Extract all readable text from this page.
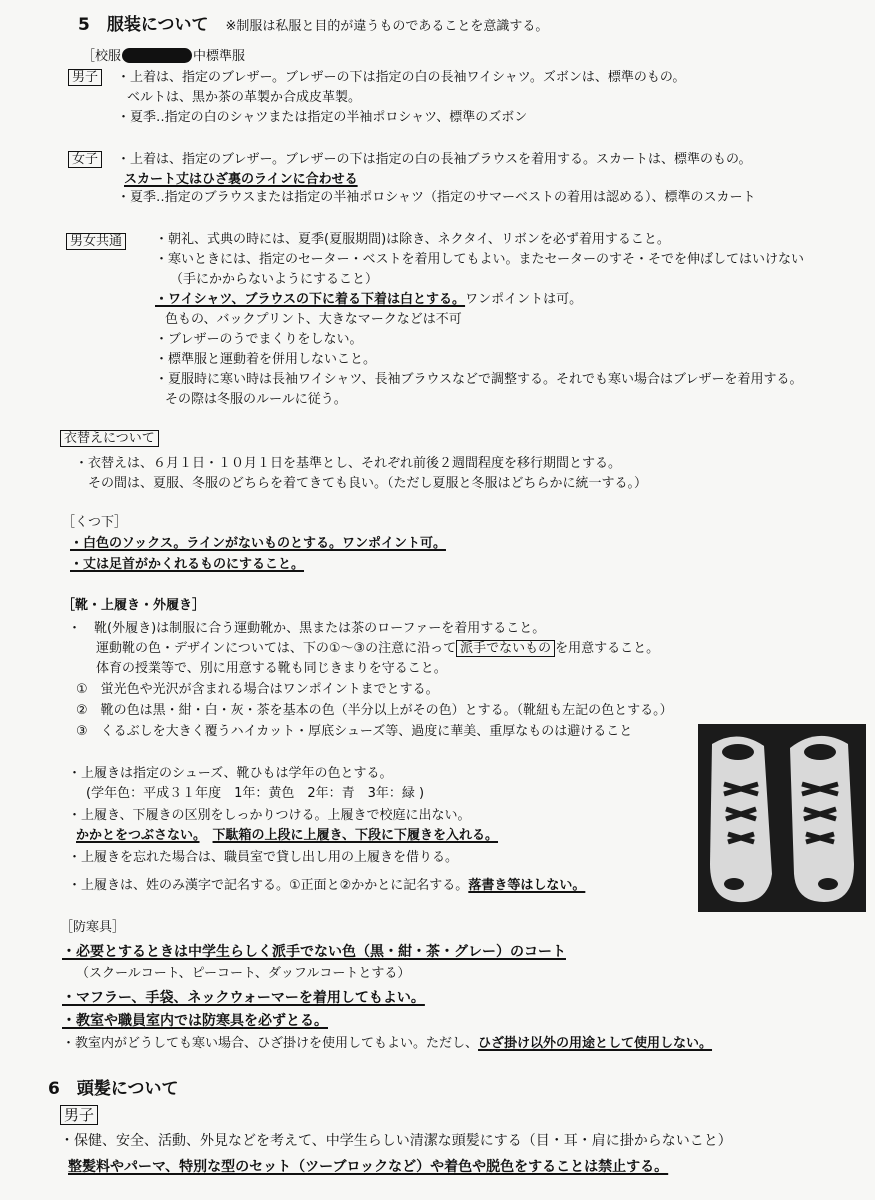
5　 服装について　 ※制服は私服と目的が違うものであることを意識する。
［校服	中標準服
男子	・上着は、指定のブレザー。ブレザーの下は指定の白の長袖ワイシャツ。ズボンは、標準のもの。
ベルトは、黒か茶の革製か合成皮革製。
・夏季‥指定の白のシャツまたは指定の半袖ポロシャツ、標準のズボン
女子	・上着は、指定のブレザー。ブレザーの下は指定の白の長袖ブラウスを着用する。スカートは、標準のもの。
スカート丈はひざ裏のラインに合わせる
・夏季‥指定のブラウスまたは指定の半袖ポロシャツ（指定のサマーベストの着用は認める）、標準のスカート
男女共通	・朝礼、式典の時には、夏季(夏服期間)は除き、ネクタイ、リボンを必ず着用すること。
・寒いときには、指定のセーター・ベストを着用してもよい。またセーターのすそ・そでを伸ばしてはいけない
（手にかからないようにすること）
・ワイシャツ、ブラウスの下に着る下着は白とする。ワンポイントは可。
色もの、バックプリント、大きなマークなどは不可
・ブレザーのうでまくりをしない。
・標準服と運動着を併用しないこと。
・夏服時に寒い時は長袖ワイシャツ、長袖ブラウスなどで調整する。それでも寒い場合はブレザーを着用する。
その際は冬服のルールに従う。
衣替えについて
・衣替えは、６月１日・１０月１日を基準とし、それぞれ前後２週間程度を移行期間とする。
その間は、夏服、冬服のどちらを着てきても良い。（ただし夏服と冬服はどちらかに統一する。）
［くつ下］
・白色のソックス。ラインがないものとする。ワンポイント可。
・丈は足首がかくれるものにすること。
［靴・上履き・外履き］
・　靴(外履き)は制服に合う運動靴か、黒または茶のローファーを着用すること。
運動靴の色・デザインについては、下の①～③の注意に沿って 派手でないもの を用意すること。
体育の授業等で、別に用意する靴も同じきまりを守ること。
①　蛍光色や光沢が含まれる場合はワンポイントまでとする。
②　靴の色は黒・紺・白・灰・茶を基本の色（半分以上がその色）とする。（靴紐も左記の色とする。）
③　くるぶしを大きく覆うハイカット・厚底シューズ等、過度に華美、重厚なものは避けること
・上履きは指定のシューズ、靴ひもは学年の色とする。
(学年色：平成３１年度　1年：黄色　2年：青　3年：緑 )
・上履き、下履きの区別をしっかりつける。上履きで校庭に出ない。
かかとをつぶさない。　 下駄箱の上段に上履き、下段に下履きを入れる。
・上履きを忘れた場合は、職員室で貸し出し用の上履きを借りる。
・上履きは、姓のみ漢字で記名する。①正面と②かかとに記名する。落書き等はしない。
［防寒具］
・必要とするときは中学生らしく派手でない色（黒・紺・茶・グレー）のコート
（スクールコート、ピーコート、ダッフルコートとする）
・マフラー、手袋、ネックウォーマーを着用してもよい。
・教室や職員室内では防寒具を必ずとる。
・教室内がどうしても寒い場合、ひざ掛けを使用してもよい。ただし、ひざ掛け以外の用途として使用しない。
6　 頭髪について
男子
・保健、安全、活動、外見などを考えて、中学生らしい清潔な頭髪にする（目・耳・肩に掛からないこと）
整髪料やパーマ、特別な型のセット（ツーブロックなど）や着色や脱色をすることは禁止する。
